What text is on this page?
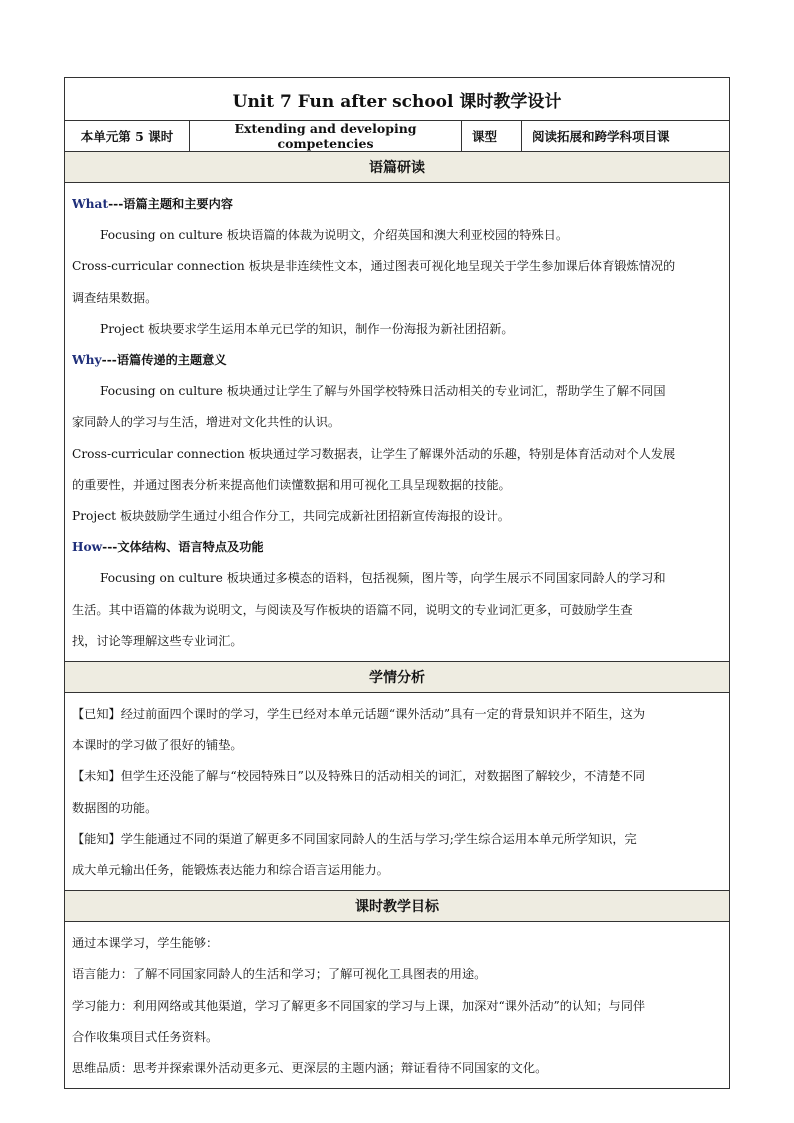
Unit 7 Fun after school 课时教学设计
本单元第 5 课时	Extending and developing competencies	课型	阅读拓展和跨学科项目课
语篇研读

What---语篇主题和主要内容
Focusing on culture 板块语篇的体裁为说明文，介绍英国和澳大利亚校园的特殊日。
Cross-curricular connection 板块是非连续性文本，通过图表可视化地呈现关于学生参加课后体育锻炼情况的
调查结果数据。
Project 板块要求学生运用本单元已学的知识，制作一份海报为新社团招新。
Why---语篇传递的主题意义
Focusing on culture 板块通过让学生了解与外国学校特殊日活动相关的专业词汇，帮助学生了解不同国
家同龄人的学习与生活，增进对文化共性的认识。
Cross-curricular connection 板块通过学习数据表，让学生了解课外活动的乐趣，特别是体育活动对个人发展
的重要性，并通过图表分析来提高他们读懂数据和用可视化工具呈现数据的技能。
Project 板块鼓励学生通过小组合作分工，共同完成新社团招新宣传海报的设计。
How---文体结构、语言特点及功能
Focusing on culture 板块通过多模态的语料，包括视频，图片等，向学生展示不同国家同龄人的学习和
生活。其中语篇的体裁为说明文，与阅读及写作板块的语篇不同，说明文的专业词汇更多，可鼓励学生查
找，讨论等理解这些专业词汇。

学情分析

【已知】经过前面四个课时的学习，学生已经对本单元话题“课外活动”具有一定的背景知识并不陌生，这为
本课时的学习做了很好的铺垫。
【未知】但学生还没能了解与“校园特殊日”以及特殊日的活动相关的词汇，对数据图了解较少，不清楚不同
数据图的功能。
【能知】学生能通过不同的渠道了解更多不同国家同龄人的生活与学习;学生综合运用本单元所学知识，完
成大单元输出任务，能锻炼表达能力和综合语言运用能力。

课时教学目标

通过本课学习，学生能够：
语言能力：了解不同国家同龄人的生活和学习；了解可视化工具图表的用途。
学习能力：利用网络或其他渠道，学习了解更多不同国家的学习与上课，加深对“课外活动”的认知；与同伴
合作收集项目式任务资料。
思维品质：思考并探索课外活动更多元、更深层的主题内涵；辩证看待不同国家的文化。
